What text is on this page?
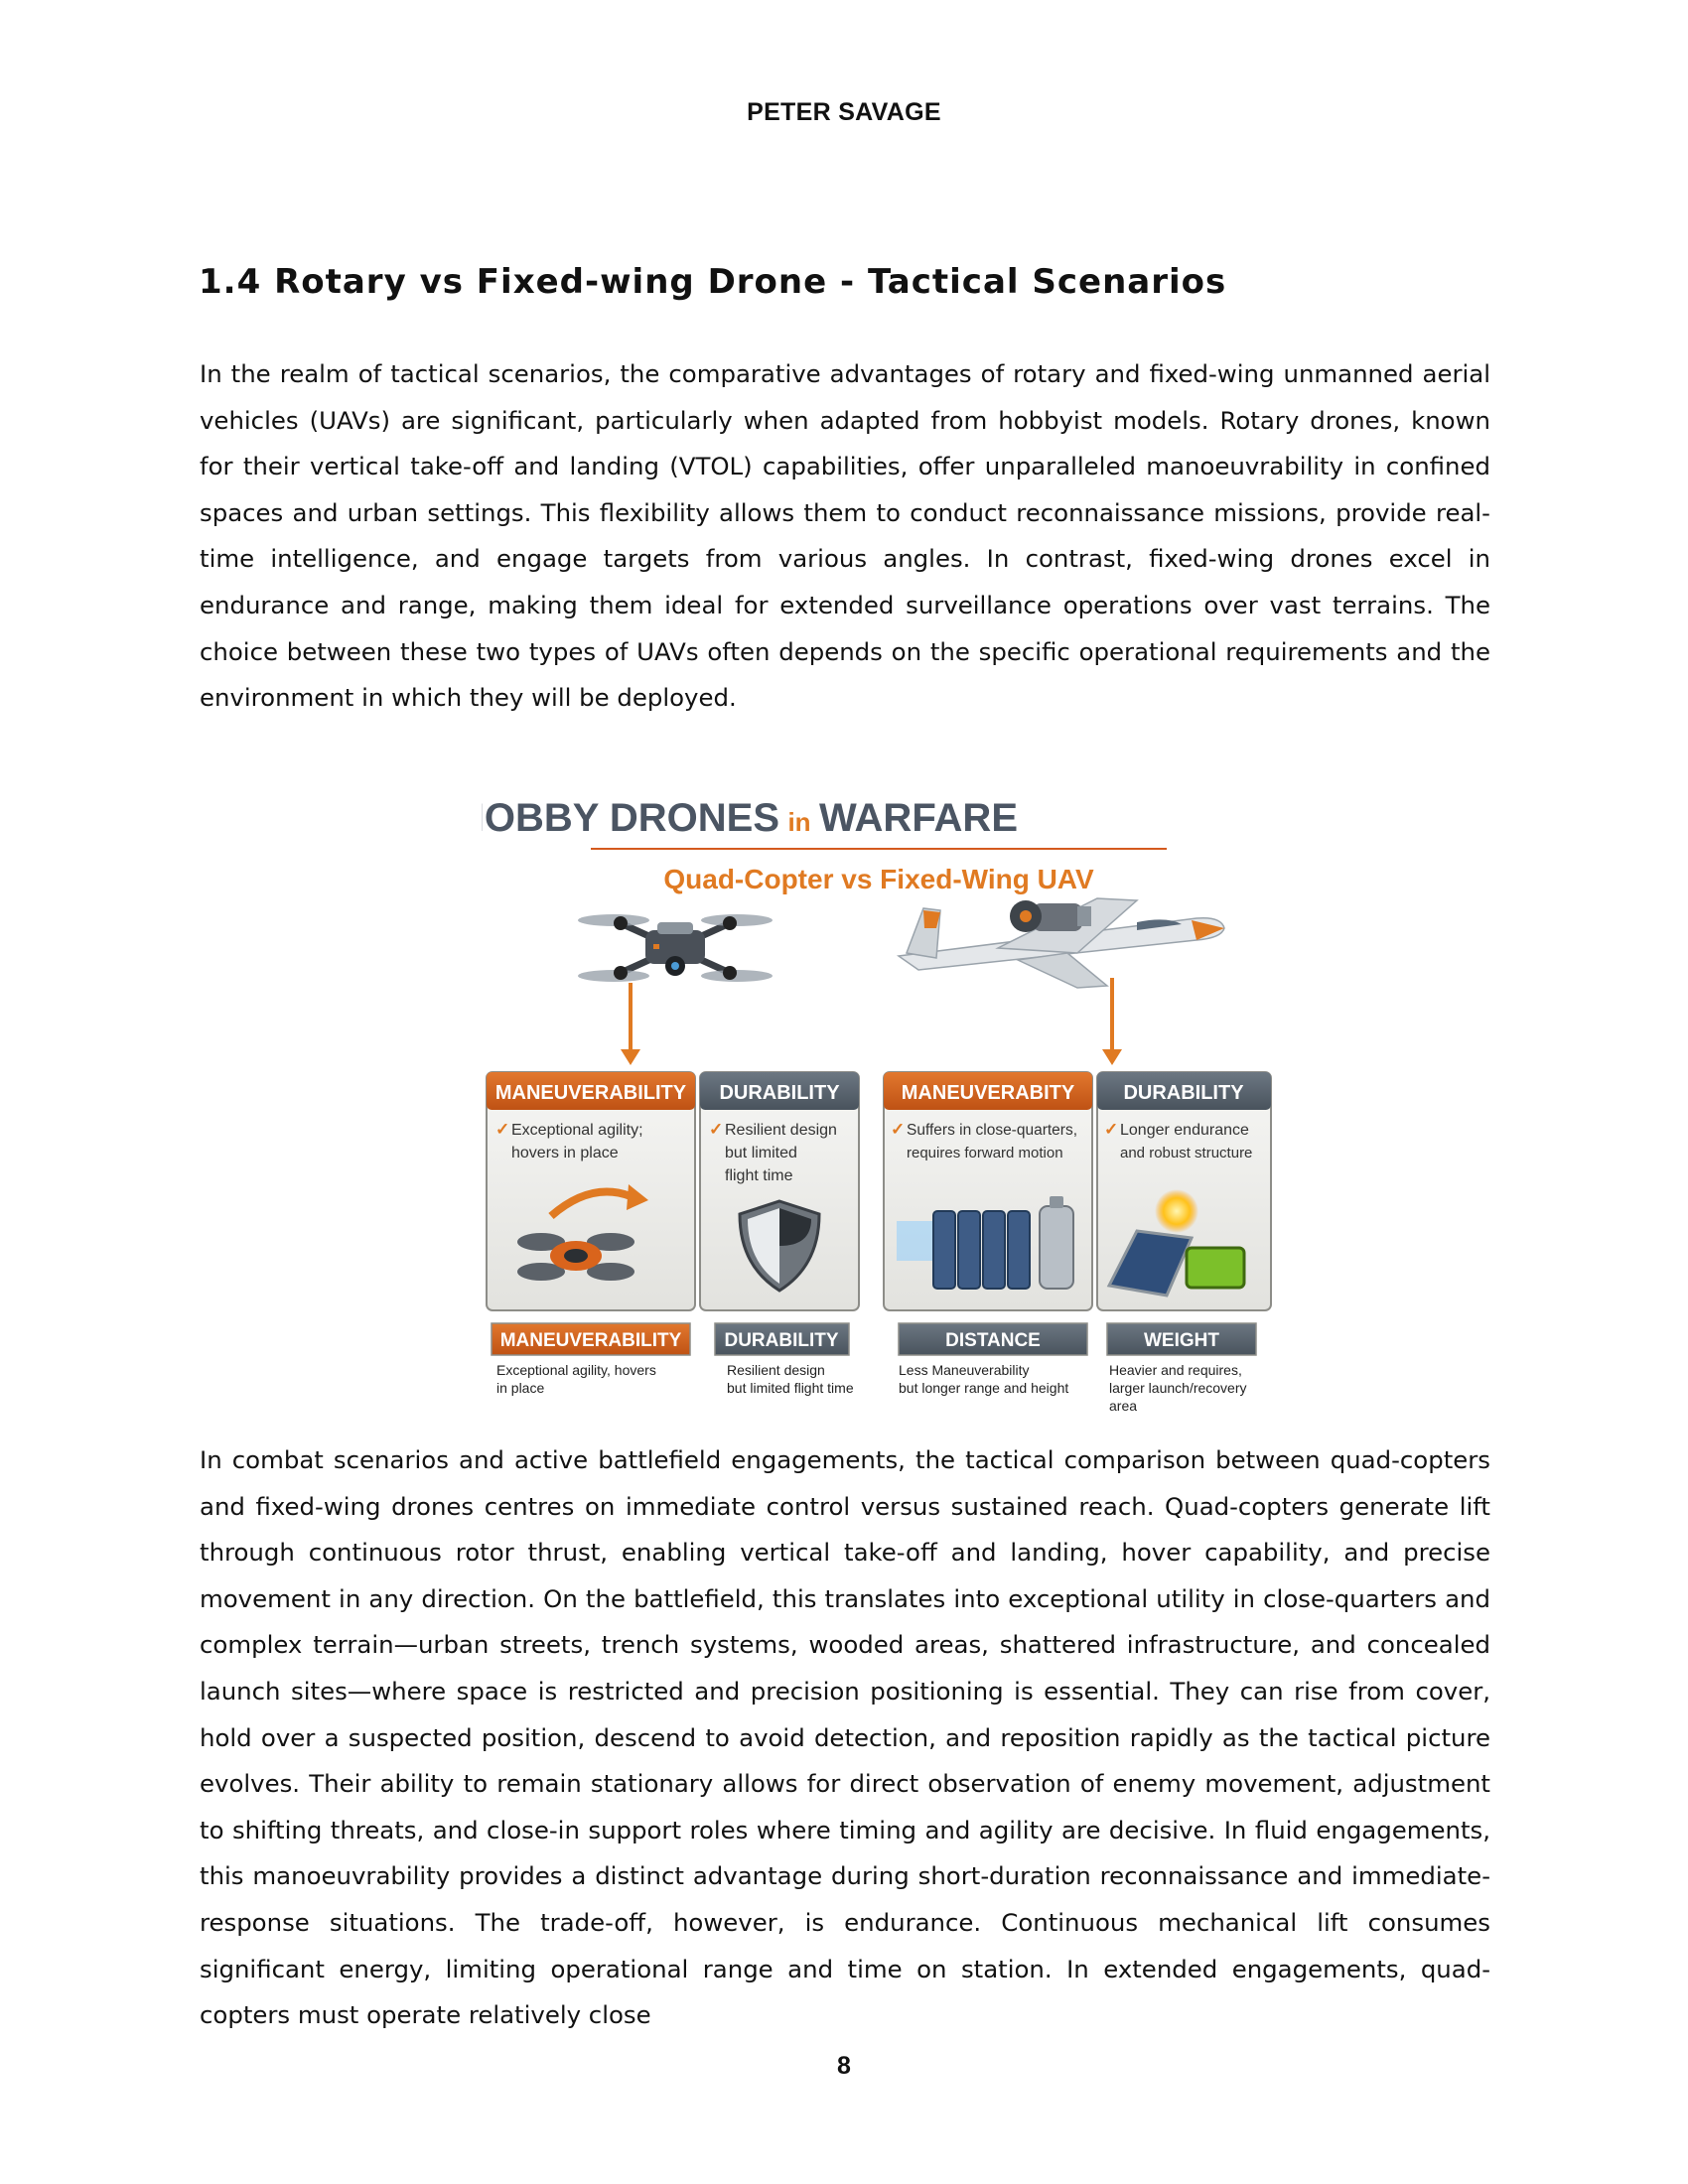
PETER SAVAGE
1.4 Rotary vs Fixed-wing Drone - Tactical Scenarios
In the realm of tactical scenarios, the comparative advantages of rotary and fixed-wing unmanned aerial vehicles (UAVs) are significant, particularly when adapted from hobbyist models. Rotary drones, known for their vertical take-off and landing (VTOL) capabilities, offer unparalleled manoeuvrability in confined spaces and urban settings. This flexibility allows them to conduct reconnaissance missions, provide real-time intelligence, and engage targets from various angles. In contrast, fixed-wing drones excel in endurance and range, making them ideal for extended surveillance operations over vast terrains. The choice between these two types of UAVs often depends on the specific operational requirements and the environment in which they will be deployed.
HOBBY DRONES in WARFARE
Quad-Copter vs Fixed-Wing UAV
MANEUVERABILITY
✓ Exceptional agility;
hovers in place
DURABILITY
✓ Resilient design
but limited
flight time
MANEUVERABITY
✓ Suffers in close-quarters,
requires forward motion
DURABILITY
✓ Longer endurance
and robust structure
MANEUVERABILITY DURABILITY	DISTANCE	WEIGHT
Exceptional agility, hovers
in place
Resilient design
but limited flight time
Less Maneuverability
but longer range and height
Heavier and requires,
larger launch/recovery
area
In combat scenarios and active battlefield engagements, the tactical comparison between quad-copters and fixed-wing drones centres on immediate control versus sustained reach. Quad-copters generate lift through continuous rotor thrust, enabling vertical take-off and landing, hover capability, and precise movement in any direction. On the battlefield, this translates into exceptional utility in close-quarters and complex terrain—urban streets, trench systems, wooded areas, shattered infrastructure, and concealed launch sites—where space is restricted and precision positioning is essential. They can rise from cover, hold over a suspected position, descend to avoid detection, and reposition rapidly as the tactical picture evolves. Their ability to remain stationary allows for direct observation of enemy movement, adjustment to shifting threats, and close-in support roles where timing and agility are decisive. In fluid engagements, this manoeuvrability provides a distinct advantage during short-duration reconnaissance and immediate-response situations. The trade-off, however, is endurance. Continuous mechanical lift consumes significant energy, limiting operational range and time on station. In extended engagements, quad-copters must operate relatively close
8
